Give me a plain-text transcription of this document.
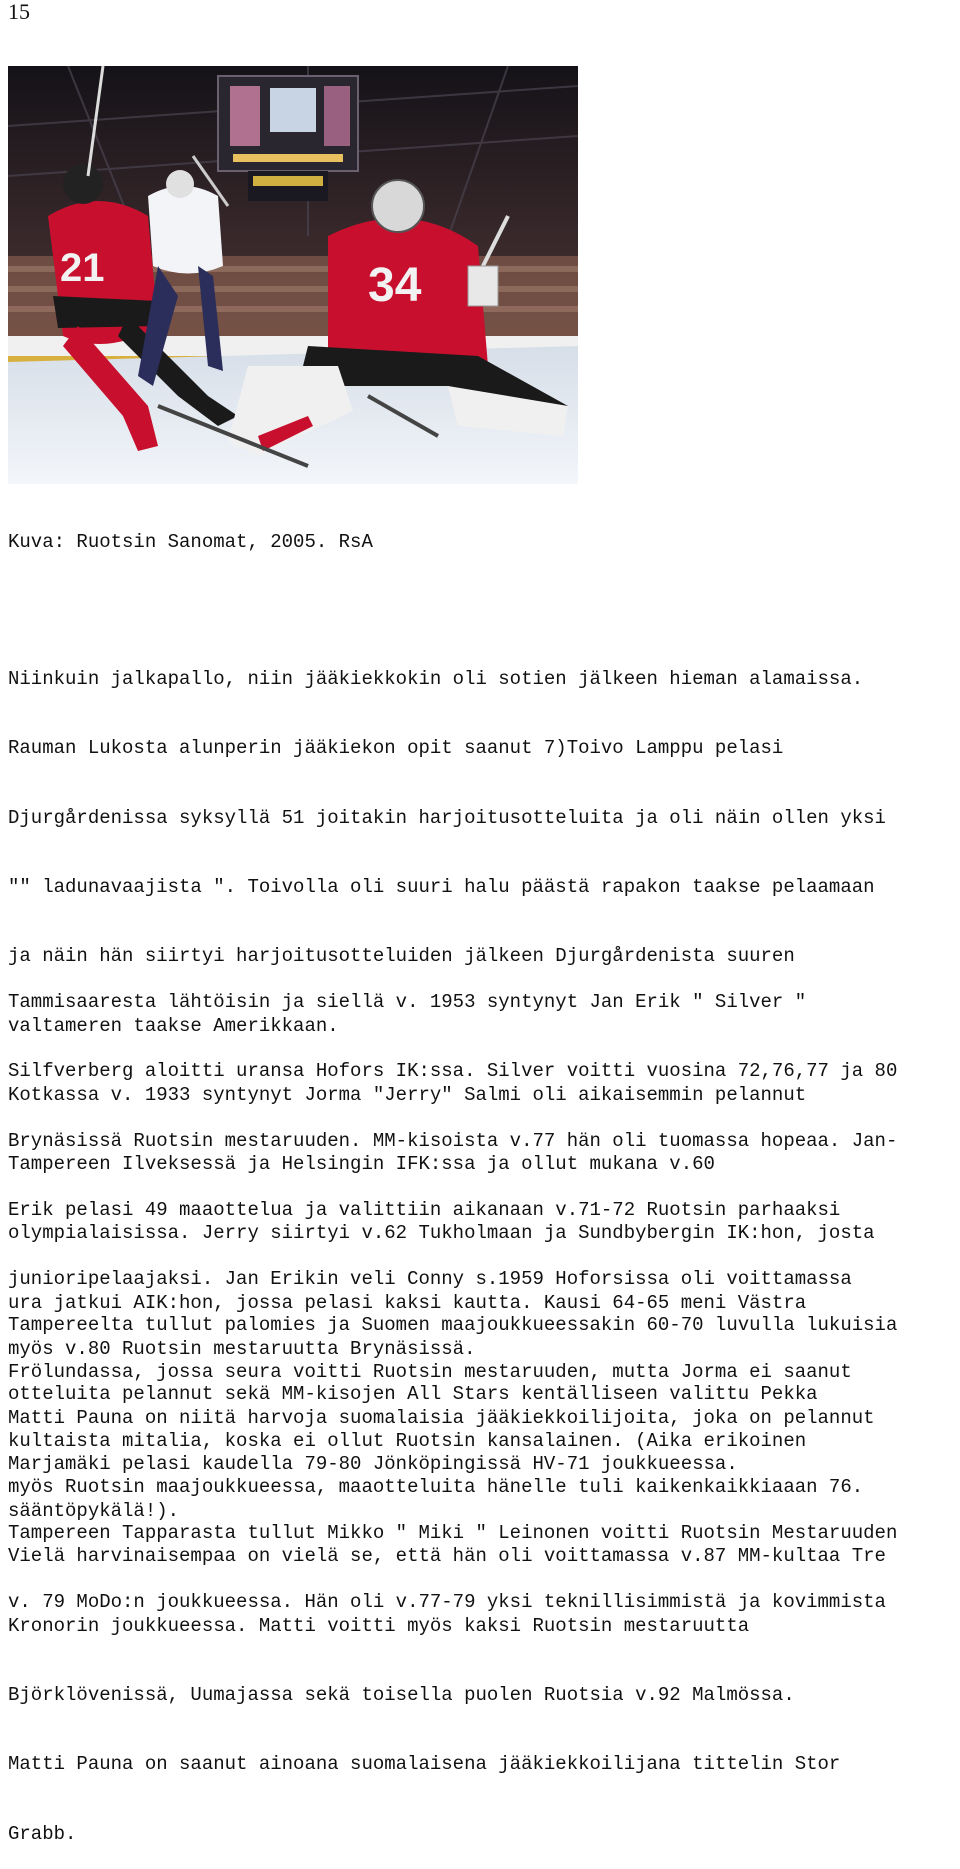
15
21	34
Kuva: Ruotsin Sanomat, 2005. RsA

Niinkuin jalkapallo, niin jääkiekkokin oli sotien jälkeen hieman alamaissa.

Rauman Lukosta alunperin jääkiekon opit saanut 7)Toivo Lamppu pelasi

Djurgårdenissa syksyllä 51 joitakin harjoitusotteluita ja oli näin ollen yksi

"" ladunavaajista ". Toivolla oli suuri halu päästä rapakon taakse pelaamaan

ja näin hän siirtyi harjoitusotteluiden jälkeen Djurgårdenista suuren

valtameren taakse Amerikkaan.

Kotkassa v. 1933 syntynyt Jorma "Jerry" Salmi oli aikaisemmin pelannut

Tampereen Ilveksessä ja Helsingin IFK:ssa ja ollut mukana v.60

olympialaisissa. Jerry siirtyi v.62 Tukholmaan ja Sundbybergin IK:hon, josta

ura jatkui AIK:hon, jossa pelasi kaksi kautta. Kausi 64-65 meni Västra

Frölundassa, jossa seura voitti Ruotsin mestaruuden, mutta Jorma ei saanut

kultaista mitalia, koska ei ollut Ruotsin kansalainen. (Aika erikoinen

sääntöpykälä!).

Tammisaaresta lähtöisin ja siellä v. 1953 syntynyt Jan Erik " Silver "

Silfverberg aloitti uransa Hofors IK:ssa. Silver voitti vuosina 72,76,77 ja 80

Brynäsissä Ruotsin mestaruuden. MM-kisoista v.77 hän oli tuomassa hopeaa. Jan-

Erik pelasi 49 maaottelua ja valittiin aikanaan v.71-72 Ruotsin parhaaksi

junioripelaajaksi. Jan Erikin veli Conny s.1959 Hoforsissa oli voittamassa

myös v.80 Ruotsin mestaruutta Brynäsissä.

Matti Pauna on niitä harvoja suomalaisia jääkiekkoilijoita, joka on pelannut

myös Ruotsin maajoukkueessa, maaotteluita hänelle tuli kaikenkaikkiaaan 76.

Vielä harvinaisempaa on vielä se, että hän oli voittamassa v.87 MM-kultaa Tre

Kronorin joukkueessa. Matti voitti myös kaksi Ruotsin mestaruutta

Björklövenissä, Uumajassa sekä toisella puolen Ruotsia v.92 Malmössa.

Matti Pauna on saanut ainoana suomalaisena jääkiekkoilijana tittelin Stor

Grabb.

Tampereelta tullut palomies ja Suomen maajoukkueessakin 60-70 luvulla lukuisia

otteluita pelannut sekä MM-kisojen All Stars kentälliseen valittu Pekka

Marjamäki pelasi kaudella 79-80 Jönköpingissä HV-71 joukkueessa.

Tampereen Tapparasta tullut Mikko " Miki " Leinonen voitti Ruotsin Mestaruuden

v. 79 MoDo:n joukkueessa. Hän oli v.77-79 yksi teknillisimmistä ja kovimmista
